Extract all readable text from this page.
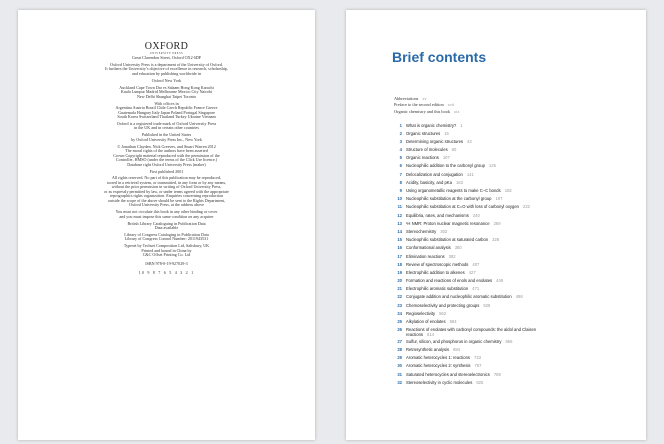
OXFORD
UNIVERSITY PRESS
Great Clarendon Street, Oxford OX2 6DP
Oxford University Press is a department of the University of Oxford.
It furthers the University’s objective of excellence in research, scholarship,
and education by publishing worldwide in
Oxford New York
Auckland Cape Town Dar es Salaam Hong Kong Karachi
Kuala Lumpur Madrid Melbourne Mexico City Nairobi
New Delhi Shanghai Taipei Toronto
With offices in
Argentina Austria Brazil Chile Czech Republic France Greece
Guatemala Hungary Italy Japan Poland Portugal Singapore
South Korea Switzerland Thailand Turkey Ukraine Vietnam
Oxford is a registered trade mark of Oxford University Press
in the UK and in certain other countries
Published in the United States
by Oxford University Press Inc., New York
© Jonathan Clayden, Nick Greeves, and Stuart Warren 2012
The moral rights of the authors have been asserted
Crown Copyright material reproduced with the permission of the
Controller, HMSO (under the terms of the Click Use licence.)
Database right Oxford University Press (maker)
First published 2001
All rights reserved. No part of this publication may be reproduced,
stored in a retrieval system, or transmitted, in any form or by any means,
without the prior permission in writing of Oxford University Press,
or as expressly permitted by law, or under terms agreed with the appropriate
reprographics rights organization. Enquiries concerning reproduction
outside the scope of the above should be sent to the Rights Department,
Oxford University Press, at the address above
You must not circulate this book in any other binding or cover
and you must impose this same condition on any acquirer
British Library Cataloguing in Publication Data
Data available
Library of Congress Cataloging in Publication Data
Library of Congress Control Number: 2011943531
Typeset by Techset Composition Ltd, Salisbury, UK
Printed and bound in China by
C&C Offset Printing Co. Ltd
ISBN 978-0-19-927029-3
10 9 8 7 6 5 4 3 2 1
Brief contents
Abbreviations xv
Preface to the second edition xvii
Organic chemistry and this book xix
1 What is organic chemistry? 1
2 Organic structures 15
3 Determining organic structures 43
4 Structure of molecules 80
5 Organic reactions 107
6 Nucleophilic addition to the carbonyl group 125
7 Delocalization and conjugation 141
8 Acidity, basicity, and pKa 163
9 Using organometallic reagents to make C–C bonds 182
10 Nucleophilic substitution at the carbonyl group 197
11 Nucleophilic substitution at C=O with loss of carbonyl oxygen 222
12 Equilibria, rates, and mechanisms 240
13 ¹H NMR: Proton nuclear magnetic resonance 269
14 Stereochemistry 302
15 Nucleophilic substitution at saturated carbon 328
16 Conformational analysis 360
17 Elimination reactions 382
18 Review of spectroscopic methods 407
19 Electrophilic addition to alkenes 427
20 Formation and reactions of enols and enolates 449
21 Electrophilic aromatic substitution 471
22 Conjugate addition and nucleophilic aromatic substitution 498
23 Chemoselectivity and protecting groups 528
24 Regioselectivity 562
25 Alkylation of enolates 584
26 Reactions of enolates with carbonyl compounds: the aldol and Claisen
reactions 614
27 Sulfur, silicon, and phosphorus in organic chemistry 656
28 Retrosynthetic analysis 694
29 Aromatic heterocycles 1: reactions 723
30 Aromatic heterocycles 2: synthesis 757
31 Saturated heterocycles and stereoelectronics 789
32 Stereoselectivity in cyclic molecules 825
